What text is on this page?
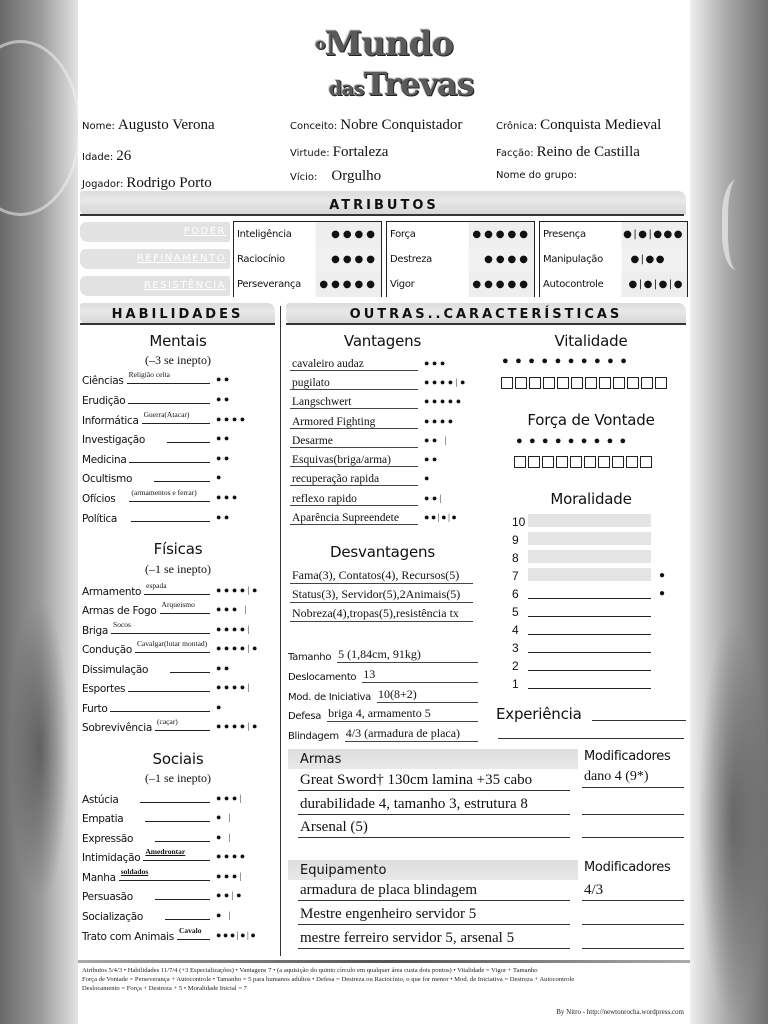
$^o$Mundo
dasTrevas
Nome: Augusto Verona
Idade: 26
Jogador: Rodrigo Porto
Conceito: Nobre Conquistador
Virtude: Fortaleza
Vício: Orgulho
Crônica: Conquista Medieval
Facção: Reino de Castilla
Nome do grupo:
ATRIBUTOS
PODER
REFINAMENTO
RESISTÊNCIA
Inteligência	●●●●
Raciocínio	●●●●
Perseverança ●●●●●
Força	●●●●●
Destreza	●●●●
Vigor	●●●●●
Presença	●|●|●●●
Manipulação	●|●●
Autocontrole	●|●|●|●
HABILIDADES	OUTRAS..CARACTERÍSTICAS
Mentais
(–3 se inepto)
Ciências
Religião celta	●●
Erudição	●●
Informática
Guerra(Atacar)	●●●●
Investigação	●●
Medicina	●●
Ocultismo	●
Ofícios
(armamentos e ferrar)	●●●
Política	●●
Físicas
(–1 se inepto)
Armamento
espada	●●●●|●
Armas de Fogo
Arqueismo	●●● |
Briga
Socos	●●●●|
Condução
Cavalgar(lutar montad) ●●●●|●
Dissimulação	●●
Esportes	●●●●|
Furto	●
Sobrevivência
(caçar)	●●●●|●
Sociais
(–1 se inepto)
Astúcia	●●●|
Empatia	● |
Expressão	● |
Intimidação
Amedrontar	●●●●
Manha
soldados	●●●|
Persuasão	●●|●
Socialização	● |
Trato com Animais
Cavalo	●●●|●|●
Vantagens
cavaleiro audaz	●●●
pugilato	●●●●|●
Langschwert	●●●●●
Armored Fighting	●●●●
Desarme	●● |
Esquivas(briga/arma)	●●
recuperação rapida	●
reflexo rapido	●●|
Aparência Supreendete	●●|●|●
Desvantagens
Fama(3), Contatos(4), Recursos(5)
Status(3), Servidor(5),2Animais(5)
Nobreza(4),tropas(5),resistência tx
Tamanho 5 (1,84cm, 91kg)
Deslocamento 13
Mod. de Iniciativa 10(8+2)
Defesa briga 4, armamento 5
Blindagem 4/3 (armadura de placa)
Vitalidade
●●●●●●●●●●
Força de Vontade
●●●●●●●●●
Moralidade
10
9
8
7	●
6	●
5
4
3
2
1
Experiência
Armas	Modificadores
Great Sword† 130cm lamina +35 cabo	dano 4 (9*)
durabilidade 4, tamanho 3, estrutura 8
Arsenal (5)
Equipamento	Modificadores
armadura de placa blindagem	4/3
Mestre engenheiro servidor 5
mestre ferreiro servidor 5, arsenal 5
Atributos 5/4/3 • Habilidades 11/7/4 (+3 Especializações) • Vantagens 7 • (a aquisição do quinto círculo em qualquer área custa dois pontos) • Vitalidade = Vigor + Tamanho
Força de Vontade = Perseverança + Autocontrole • Tamanho = 5 para humanos adultos • Defesa = Destreza ou Raciocínio, o que for menor • Mod. de Iniciativa = Destreza + Autocontrole
Deslocamento = Força + Destreza + 5 • Moralidade Inicial = 7
By Nitro - http://newtonrocha.wordpress.com
